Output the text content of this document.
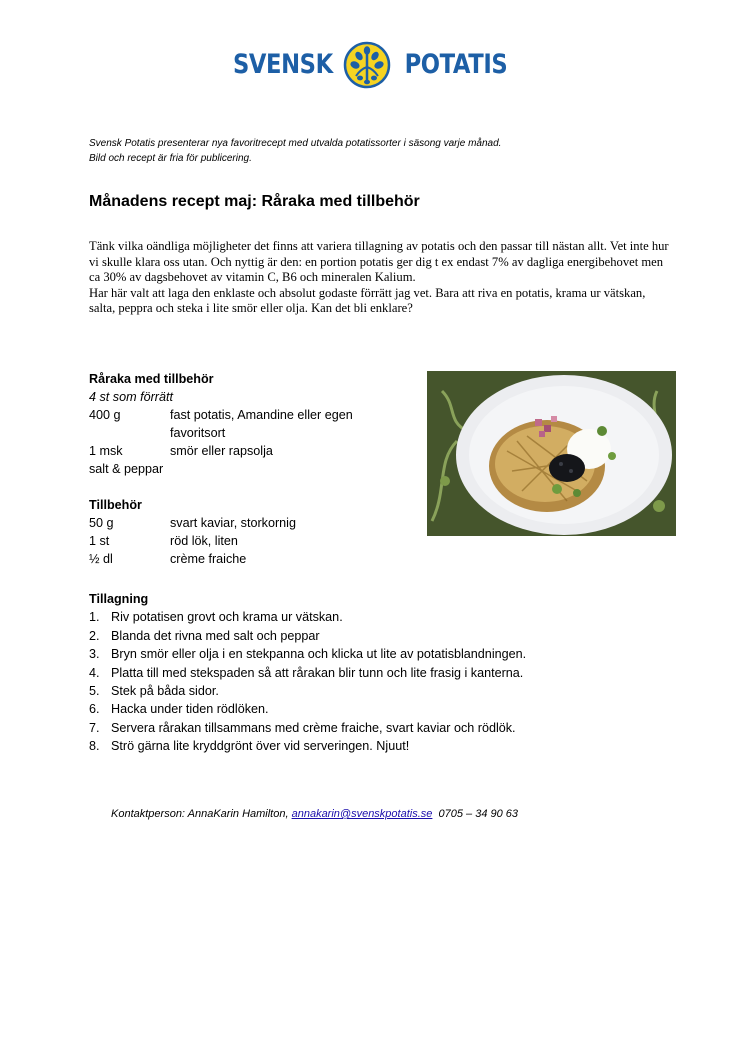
SVENSK	POTATIS
Svensk Potatis presenterar nya favoritrecept med utvalda potatissorter i säsong varje månad.
Bild och recept är fria för publicering.
Månadens recept maj: Råraka med tillbehör

Tänk vilka oändliga möjligheter det finns att variera tillagning av potatis och den passar till nästan allt. Vet inte hur vi skulle klara oss utan. Och nyttig är den: en portion potatis ger dig t ex endast 7% av dagliga energibehovet men ca 30% av dagsbehovet av vitamin C, B6 och mineralen Kalium.

Har här valt att laga den enklaste och absolut godaste förrätt jag vet. Bara att riva en potatis, krama ur vätskan, salta, peppra och steka i lite smör eller olja. Kan det bli enklare?

Råraka med tillbehör
4 st som förrätt
400 g	fast potatis, Amandine eller egen favoritsort
1 msk	smör eller rapsolja
salt & peppar
Tillbehör
50 g	svart kaviar, storkornig
1 st	röd lök, liten
½ dl	crème fraiche
Tillagning
1. Riv potatisen grovt och krama ur vätskan.
2. Blanda det rivna med salt och peppar
3. Bryn smör eller olja i en stekpanna och klicka ut lite av potatisblandningen.
4. Platta till med stekspaden så att råraka​n blir tunn och lite frasig i kanterna.
5. Stek på båda sidor.
6. Hacka under tiden rödlöken.
7. Servera rårakan tillsammans med crème fraiche, svart kaviar och rödlök.
8. Strö gärna lite kryddgrönt över vid serveringen. Njuut!
Kontaktperson: AnnaKarin Hamilton, annakarin@svenskpotatis.se  0705 – 34 90 63
